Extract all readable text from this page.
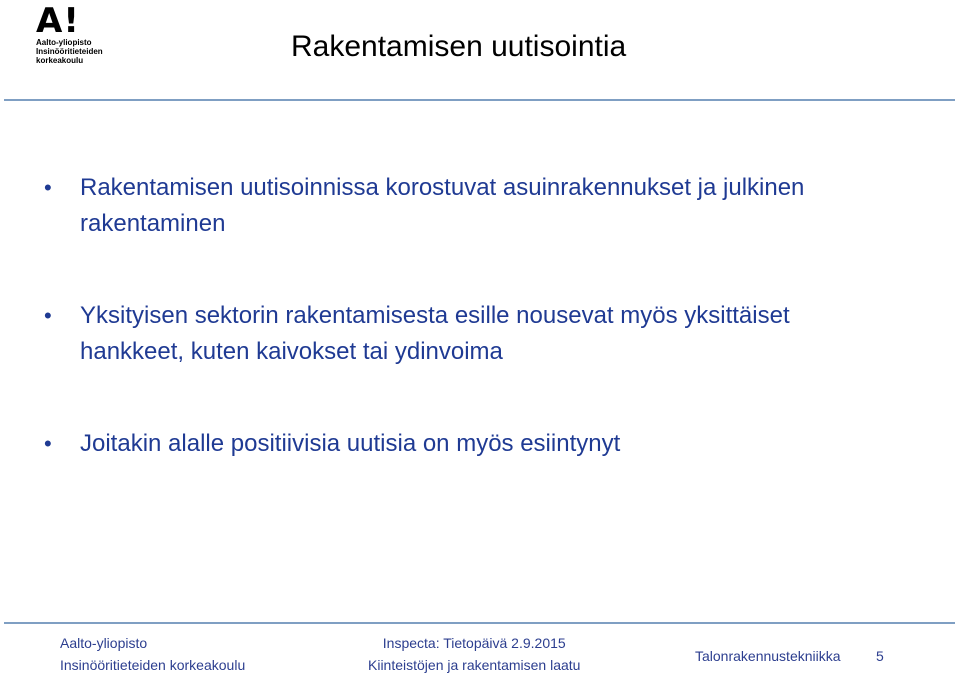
A !
Aalto-yliopisto
Insinööritieteiden
korkeakoulu	Rakentamisen uutisointia
•	Rakentamisen uutisoinnissa korostuvat asuinrakennukset ja julkinen rakentaminen
•	Yksityisen sektorin rakentamisesta esille nousevat myös yksittäiset hankkeet, kuten kaivokset tai ydinvoima
•	Joitakin alalle positiivisia uutisia on myös esiintynyt
Aalto-yliopisto
Insinööritieteiden korkeakoulu
Inspecta: Tietopäivä 2.9.2015
Kiinteistöjen ja rakentamisen laatu
Talonrakennustekniikka	5
